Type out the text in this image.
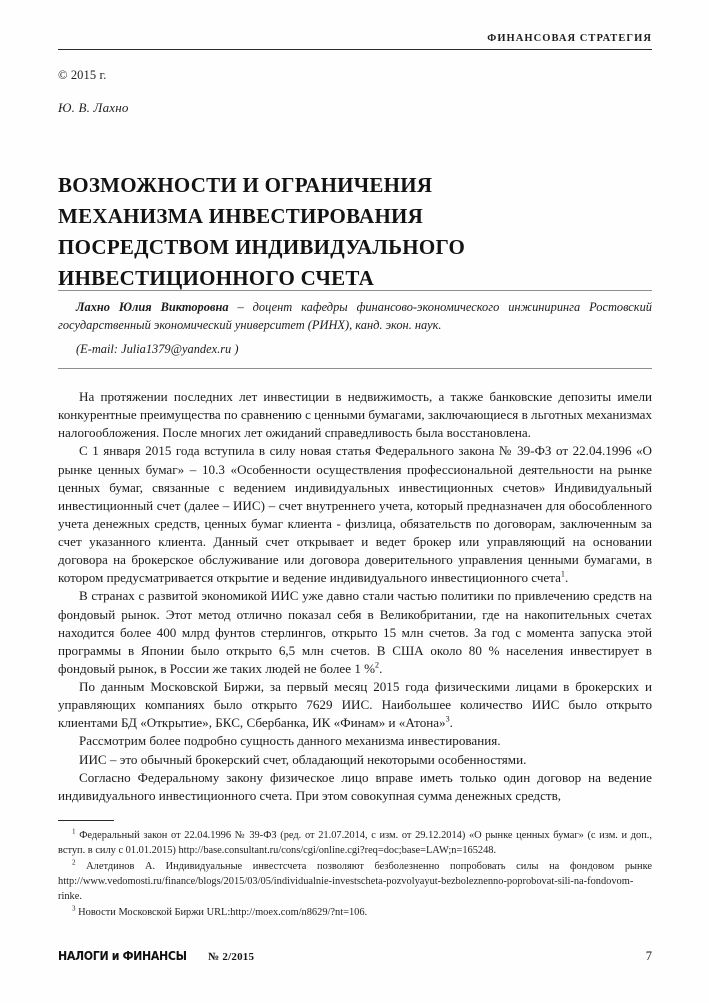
ФИНАНСОВАЯ СТРАТЕГИЯ
© 2015 г.
Ю. В. Лахно
ВОЗМОЖНОСТИ И ОГРАНИЧЕНИЯ
МЕХАНИЗМА ИНВЕСТИРОВАНИЯ
ПОСРЕДСТВОМ ИНДИВИДУАЛЬНОГО
ИНВЕСТИЦИОННОГО СЧЕТА

Лахно Юлия Викторовна – доцент кафедры финансово-экономического инжиниринга Ростовский государственный экономический университет (РИНХ), канд. экон. наук.

(E-mail: Julia1379@yandex.ru )

На протяжении последних лет инвестиции в недвижимость, а также банковские депозиты имели конкурентные преимущества по сравнению с ценными бумагами, заключающиеся в льготных механизмах налогообложения. После многих лет ожиданий справедливость была восстановлена.

С 1 января 2015 года вступила в силу новая статья Федерального закона № 39-ФЗ от 22.04.1996 «О рынке ценных бумаг» – 10.3 «Особенности осуществления профессиональной деятельности на рынке ценных бумаг, связанные с ведением индивидуальных инвестиционных счетов» Индивидуальный инвестиционный счет (далее – ИИС) – счет внутреннего учета, который предназначен для обособленного учета денежных средств, ценных бумаг клиента - физлица, обязательств по договорам, заключенным за счет указанного клиента. Данный счет открывает и ведет брокер или управляющий на основании договора на брокерское обслуживание или договора доверительного управления ценными бумагами, в котором предусматривается открытие и ведение индивидуального инвестиционного счета$^1$.

В странах с развитой экономикой ИИС уже давно стали частью политики по привлечению средств на фондовый рынок. Этот метод отлично показал себя в Великобритании, где на накопительных счетах находится более 400 млрд фунтов стерлингов, открыто 15 млн счетов. За год с момента запуска этой программы в Японии было открыто 6,5 млн счетов. В США около 80 % населения инвестирует в фондовый рынок, в России же таких людей не более 1 %$^2$.

По данным Московской Биржи, за первый месяц 2015 года физическими лицами в брокерских и управляющих компаниях было открыто 7629 ИИС. Наибольшее количество ИИС было открыто клиентами БД «Открытие», БКС, Сбербанка, ИК «Финам» и «Атона»$^3$.

Рассмотрим более подробно сущность данного механизма инвестирования.

ИИС – это обычный брокерский счет, обладающий некоторыми особенностями.

Согласно Федеральному закону физическое лицо вправе иметь только один договор на ведение индивидуального инвестиционного счета. При этом совокупная сумма денежных средств,

$^1$ Федеральный закон от 22.04.1996 № 39-ФЗ (ред. от 21.07.2014, с изм. от 29.12.2014) «О рынке ценных бумаг» (с изм. и доп., вступ. в силу с 01.01.2015) http://base.consultant.ru/cons/cgi/online.cgi?req=doc;base=LAW;n=165248.

$^2$ Алетдинов А. Индивидуальные инвестсчета позволяют безболезненно попробовать силы на фондовом рынке http://www.vedomosti.ru/finance/blogs/2015/03/05/individualnie-investscheta-pozvolyayut-bezboleznenno-poprobovat-sili-na-fondovom-rinke.

$^3$ Новости Московской Биржи URL:http://moex.com/n8629/?nt=106.

НАЛОГИ и ФИНАНСЫ № 2/2015	7
